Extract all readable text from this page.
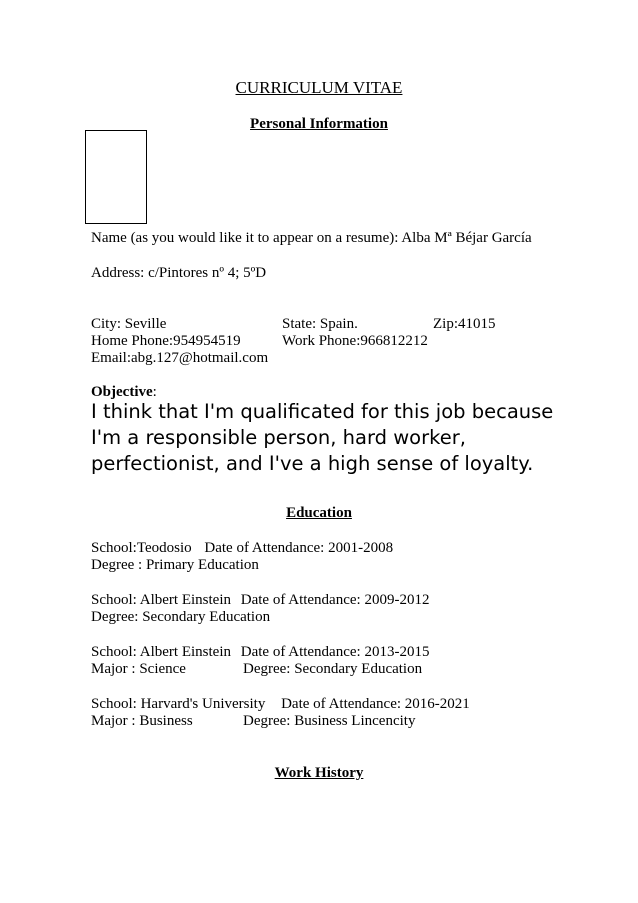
CURRICULUM VITAE
Personal Information
Name (as you would like it to appear on a resume): Alba Mª Béjar García
Address: c/Pintores nº 4; 5ºD
City: Seville	State: Spain.	Zip:41015
Home Phone:954954519	Work Phone:966812212
Email:abg.127@hotmail.com
Objective:
I think that I'm qualificated for this job because I'm a responsible person, hard worker, perfectionist, and I've a high sense of loyalty.
Education
School:Teodosio Date of Attendance: 2001-2008
Degree : Primary Education
School: Albert Einstein Date of Attendance: 2009-2012
Degree: Secondary Education
School: Albert Einstein Date of Attendance: 2013-2015
Major : Science	Degree: Secondary Education
School: Harvard's University Date of Attendance: 2016-2021
Major : Business	Degree: Business Lincencity
Work History
